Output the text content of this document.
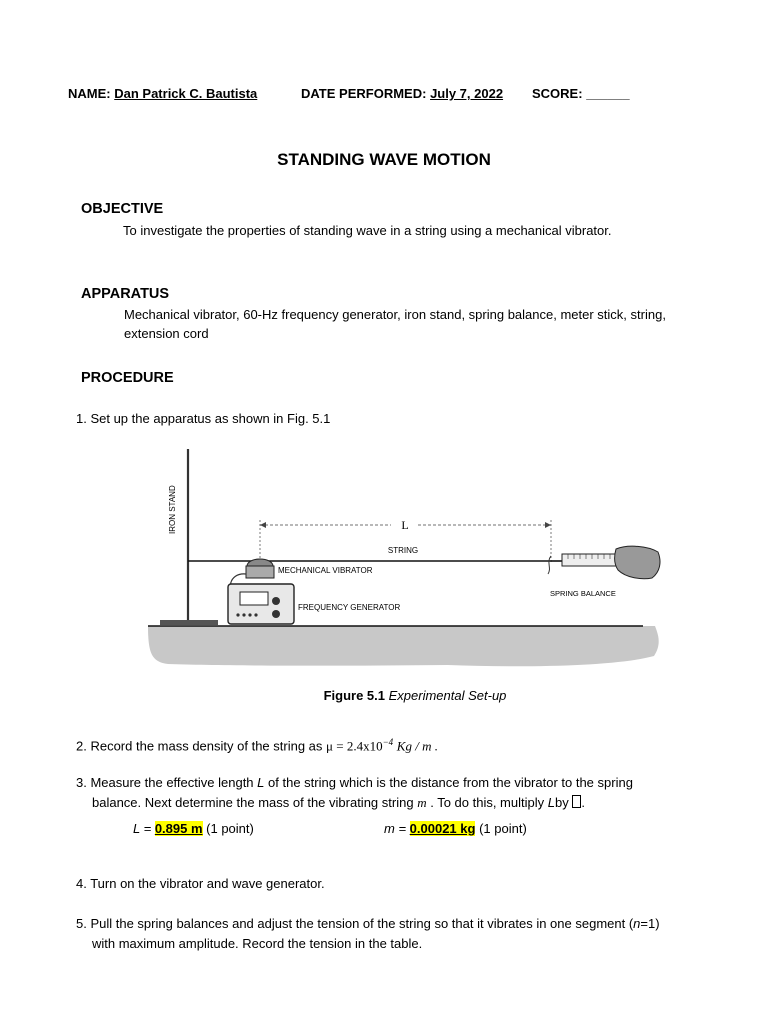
NAME: Dan Patrick C. Bautista	DATE PERFORMED: July 7, 2022 SCORE: ______
STANDING WAVE MOTION
OBJECTIVE
To investigate the properties of standing wave in a string using a mechanical vibrator.
APPARATUS
Mechanical vibrator, 60-Hz frequency generator, iron stand, spring balance, meter stick, string,
extension cord
PROCEDURE
1. Set up the apparatus as shown in Fig. 5.1
IRON STAND	L
STRING
MECHANICAL VIBRATOR
FREQUENCY GENERATOR
SPRING BALANCE
Figure 5.1 Experimental Set-up
2. Record the mass density of the string as $\mu = 2.4x10^{-4}$ Kg / m .
3. Measure the effective length L of the string which is the distance from the vibrator to the spring
balance. Next determine the mass of the vibrating string m . To do this, multiply Lby .
L = 0.895 m (1 point)	m = 0.00021 kg (1 point)
4. Turn on the vibrator and wave generator.
5. Pull the spring balances and adjust the tension of the string so that it vibrates in one segment (n=1)
with maximum amplitude. Record the tension in the table.
